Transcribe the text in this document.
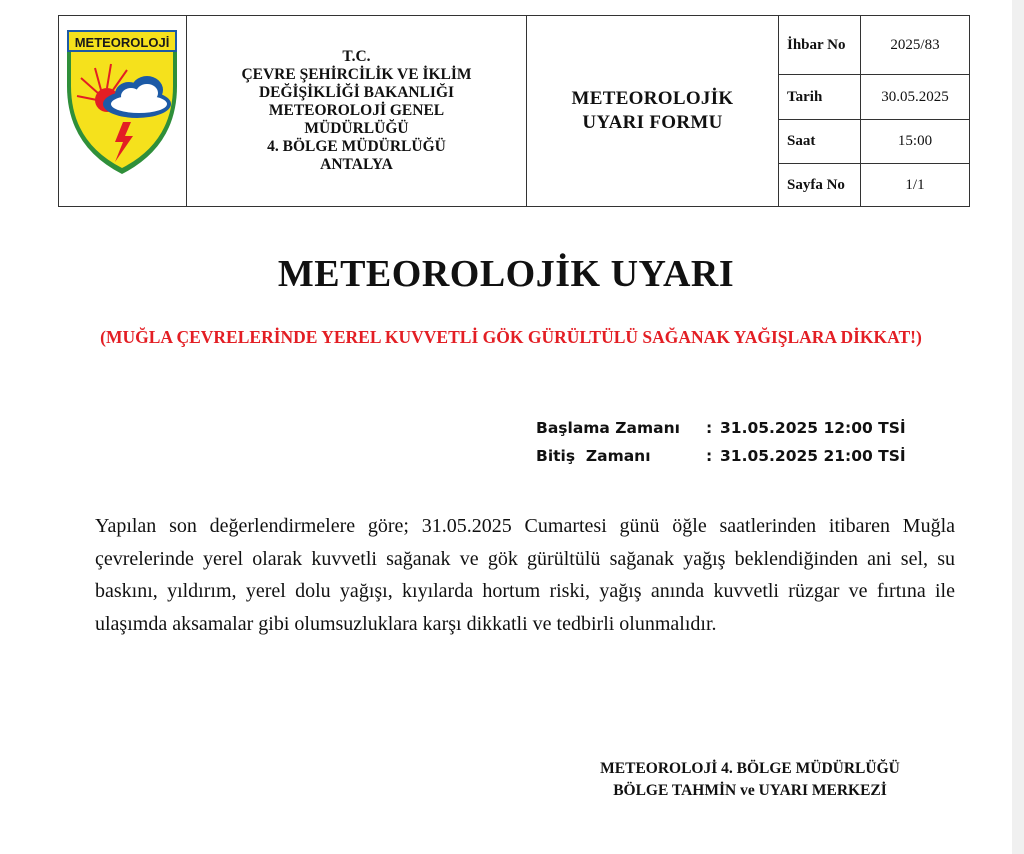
METEOROLOJİ
T.C.
ÇEVRE ŞEHİRCİLİK VE İKLİM
DEĞİŞİKLİĞİ BAKANLIĞI
METEOROLOJİ GENEL
MÜDÜRLÜĞÜ
4. BÖLGE MÜDÜRLÜĞÜ
ANTALYA
METEOROLOJİK
UYARI FORMU
İhbar No	2025/83
Tarih	30.05.2025
Saat	15:00
Sayfa No	1/1
METEOROLOJİK UYARI
(MUĞLA ÇEVRELERİNDE YEREL KUVVETLİ GÖK GÜRÜLTÜLÜ SAĞANAK YAĞIŞLARA DİKKAT!)
Başlama Zamanı	: 31.05.2025 12:00 TSİ
Bitiş  Zamanı	: 31.05.2025 21:00 TSİ
Yapılan son değerlendirmelere göre; 31.05.2025 Cumartesi günü öğle saatlerinden itibaren Muğla çevrelerinde yerel olarak kuvvetli sağanak ve gök gürültülü sağanak yağış beklendiğinden ani sel, su baskını, yıldırım, yerel dolu yağışı, kıyılarda hortum riski, yağış anında kuvvetli rüzgar ve fırtına ile ulaşımda aksamalar gibi olumsuzluklara karşı dikkatli ve tedbirli olunmalıdır.
METEOROLOJİ 4. BÖLGE MÜDÜRLÜĞÜ
BÖLGE TAHMİN ve UYARI MERKEZİ
